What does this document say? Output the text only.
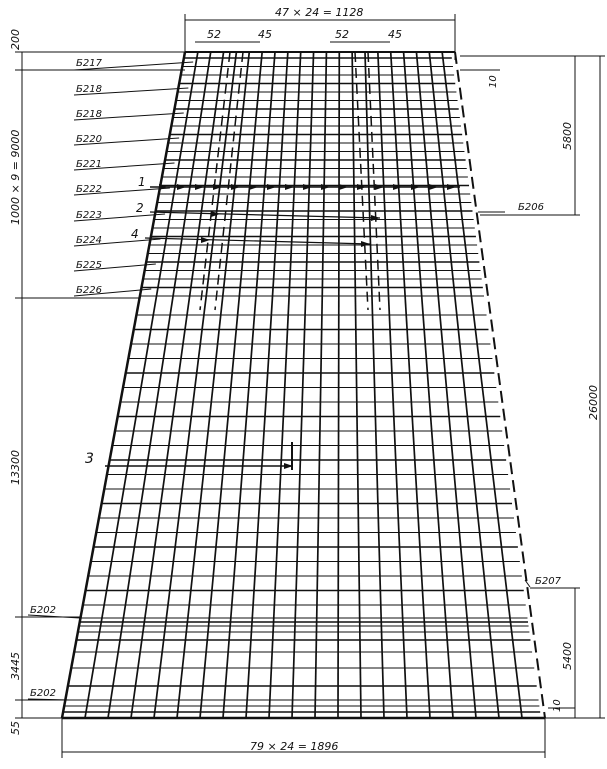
47 × 24 = 1128
52	45	52	45
200
1000 × 9 = 9000
13300
3445
55
5800
26000
5400
10
10
79 × 24 = 1896
Б217
Б218
Б218
Б220
Б221
Б222
Б223
Б224
Б225
Б226
Б206
Б207
Б202
Б202
1
2
3
4
